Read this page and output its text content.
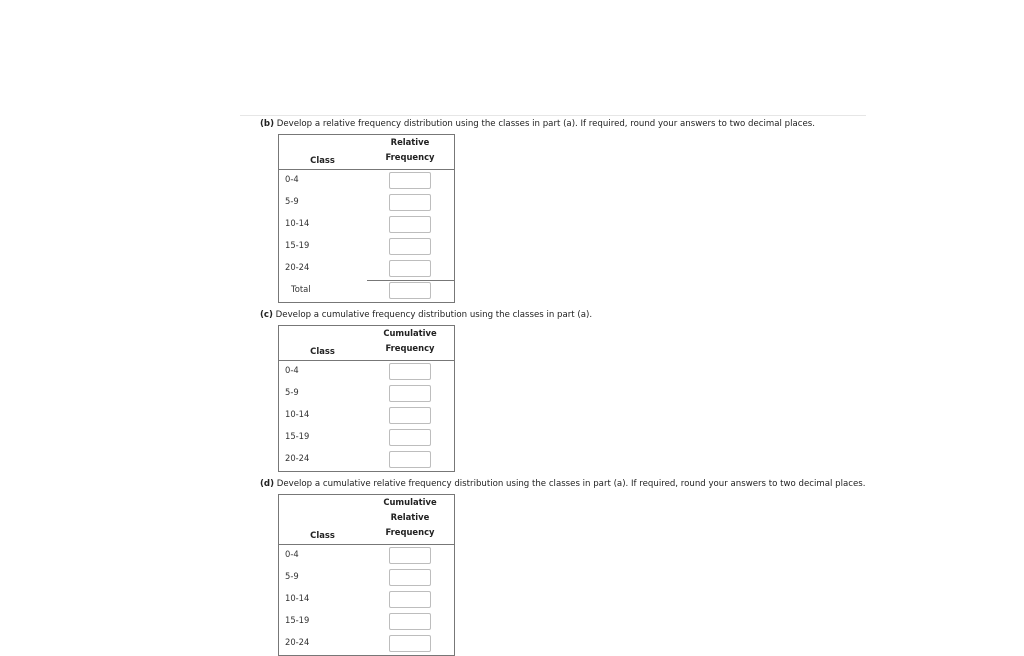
(b) Develop a relative frequency distribution using the classes in part (a). If required, round your answers to two decimal places.
Class
Relative
Frequency
0-4
5-9
10-14
15-19
20-24
Total
(c) Develop a cumulative frequency distribution using the classes in part (a).
Class
Cumulative
Frequency
0-4
5-9
10-14
15-19
20-24
(d) Develop a cumulative relative frequency distribution using the classes in part (a). If required, round your answers to two decimal places.
Class
Cumulative
Relative
Frequency
0-4
5-9
10-14
15-19
20-24
